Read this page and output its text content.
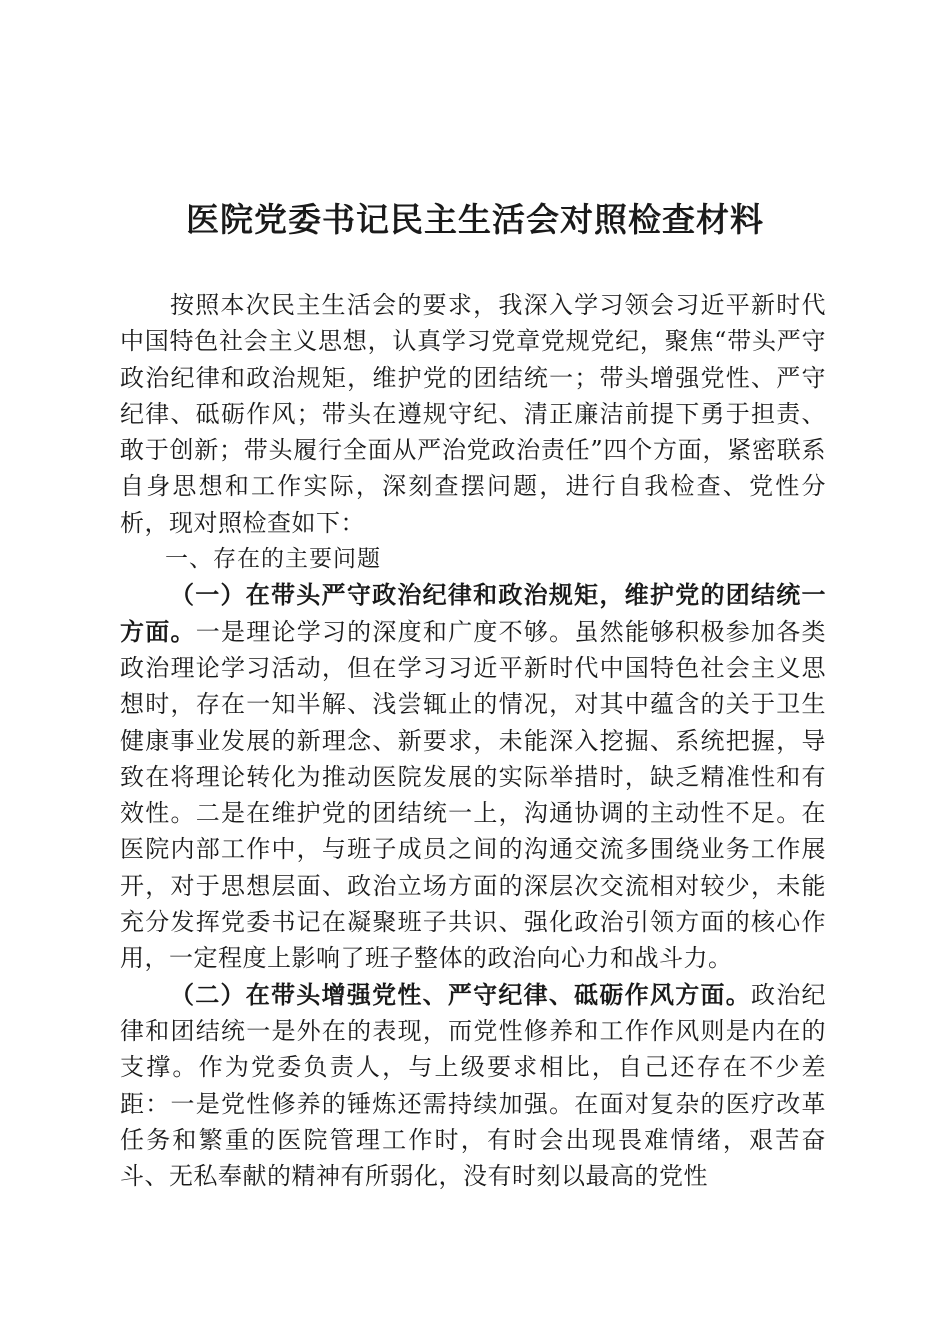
医院党委书记民主生活会对照检查材料

按照本次民主生活会的要求，我深入学习领会习近平新时代中国特色社会主义思想，认真学习党章党规党纪，聚焦“带头严守政治纪律和政治规矩，维护党的团结统一；带头增强党性、严守纪律、砥砺作风；带头在遵规守纪、清正廉洁前提下勇于担责、敢于创新；带头履行全面从严治党政治责任”四个方面，紧密联系自身思想和工作实际，深刻查摆问题，进行自我检查、党性分析，现对照检查如下：

一、存在的主要问题

（一）在带头严守政治纪律和政治规矩，维护党的团结统一方面。一是理论学习的深度和广度不够。虽然能够积极参加各类政治理论学习活动，但在学习习近平新时代中国特色社会主义思想时，存在一知半解、浅尝辄止的情况，对其中蕴含的关于卫生健康事业发展的新理念、新要求，未能深入挖掘、系统把握，导致在将理论转化为推动医院发展的实际举措时，缺乏精准性和有效性。二是在维护党的团结统一上，沟通协调的主动性不足。在医院内部工作中，与班子成员之间的沟通交流多围绕业务工作展开，对于思想层面、政治立场方面的深层次交流相对较少，未能充分发挥党委书记在凝聚班子共识、强化政治引领方面的核心作用，一定程度上影响了班子整体的政治向心力和战斗力。

（二）在带头增强党性、严守纪律、砥砺作风方面。政治纪律和团结统一是外在的表现，而党性修养和工作作风则是内在的支撑。作为党委负责人，与上级要求相比，自己还存在不少差距：一是党性修养的锤炼还需持续加强。在面对复杂的医疗改革任务和繁重的医院管理工作时，有时会出现畏难情绪，艰苦奋斗、无私奉献的精神有所弱化，没有时刻以最高的党性
